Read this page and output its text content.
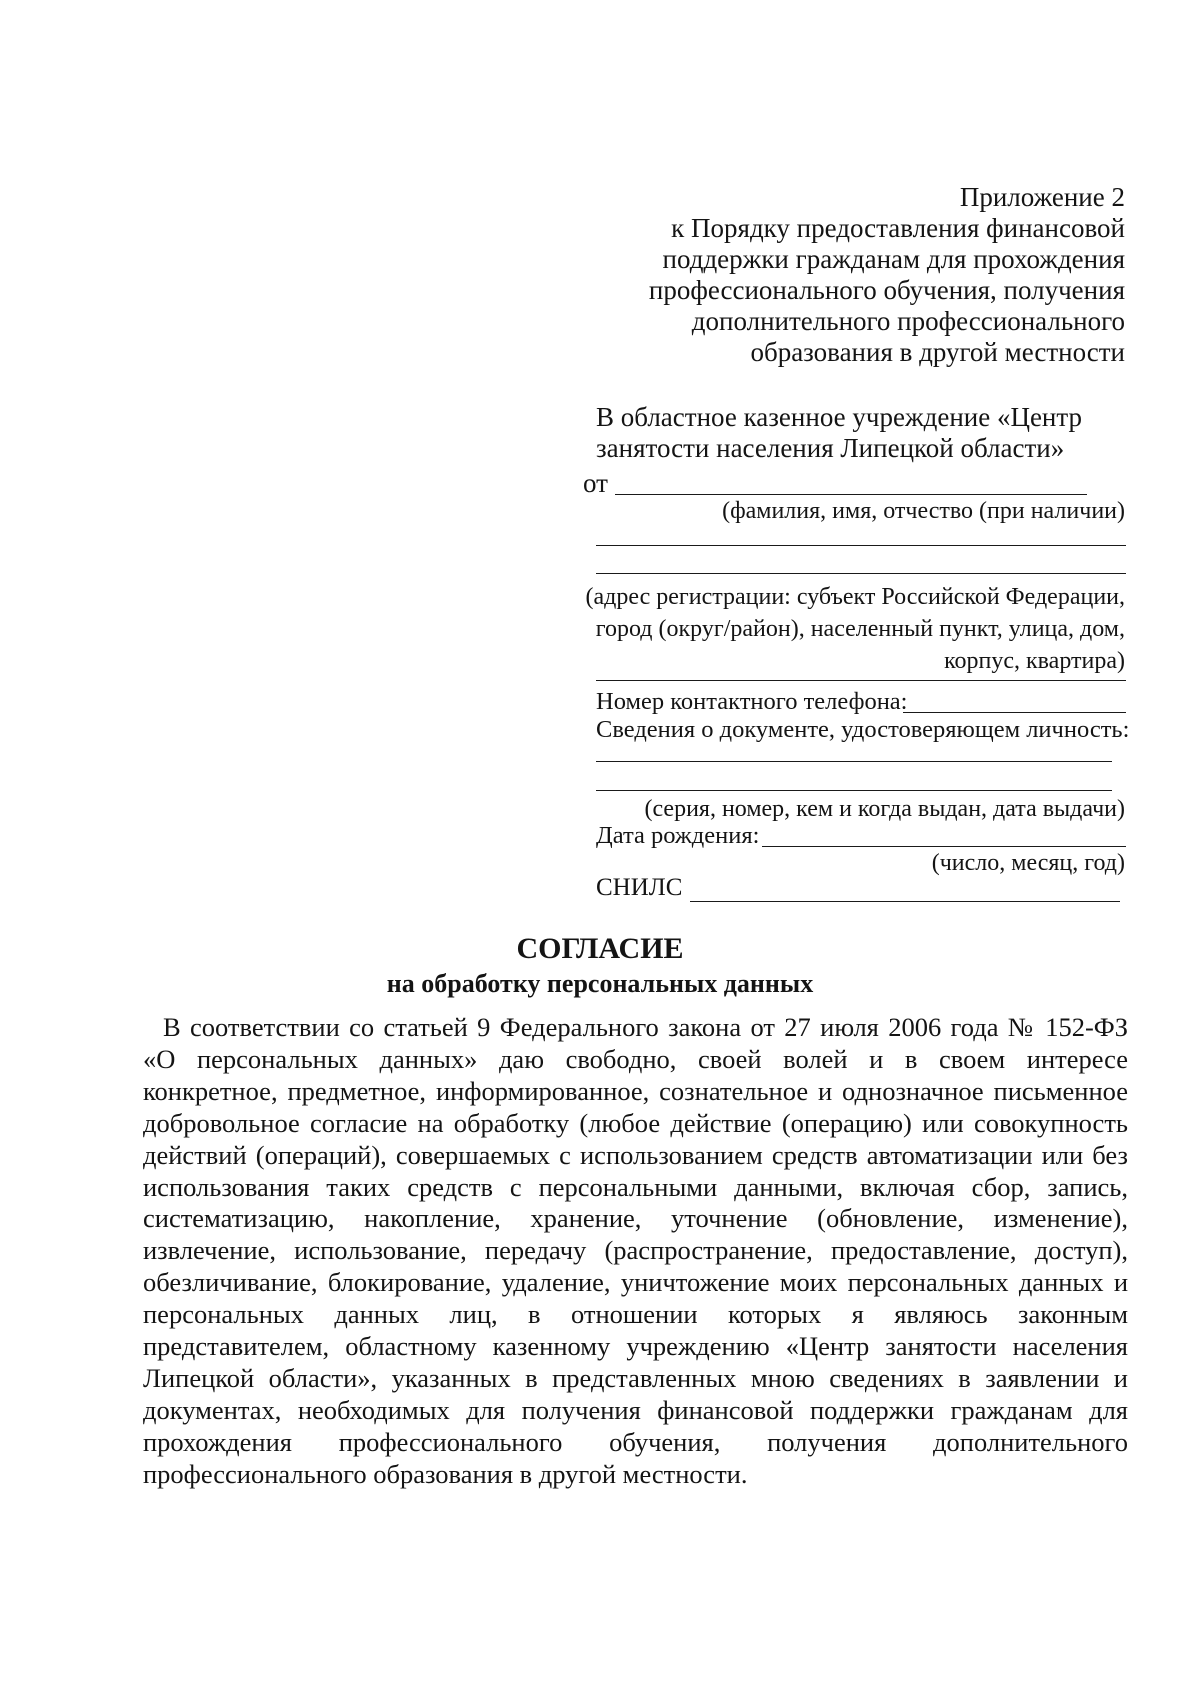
Приложение 2
к Порядку предоставления финансовой
поддержки гражданам для прохождения
профессионального обучения, получения
дополнительного профессионального
образования в другой местности
В областное казенное учреждение «Центр
занятости населения Липецкой области»
от
(фамилия, имя, отчество (при наличии)
(адрес регистрации: субъект Российской Федерации,
город (округ/район), населенный пункт, улица, дом,
корпус, квартира)
Номер контактного телефона:
Сведения о документе, удостоверяющем личность:
(серия, номер, кем и когда выдан, дата выдачи)
Дата рождения:
(число, месяц, год)
СНИЛС
СОГЛАСИЕ
на обработку персональных данных
В соответствии со статьей 9 Федерального закона от 27 июля 2006 года № 152-ФЗ
«О персональных данных» даю свободно, своей волей и в своем интересе
конкретное, предметное, информированное, сознательное и однозначное письменное
добровольное согласие на обработку (любое действие (операцию) или совокупность
действий (операций), совершаемых с использованием средств автоматизации или без
использования таких средств с персональными данными, включая сбор, запись,
систематизацию, накопление, хранение, уточнение (обновление, изменение),
извлечение, использование, передачу (распространение, предоставление, доступ),
обезличивание, блокирование, удаление, уничтожение моих персональных данных и
персональных данных лиц, в отношении которых я являюсь законным
представителем, областному казенному учреждению «Центр занятости населения
Липецкой области», указанных в представленных мною сведениях в заявлении и
документах, необходимых для получения финансовой поддержки гражданам для
прохождения профессионального обучения, получения дополнительного
профессионального образования в другой местности.
